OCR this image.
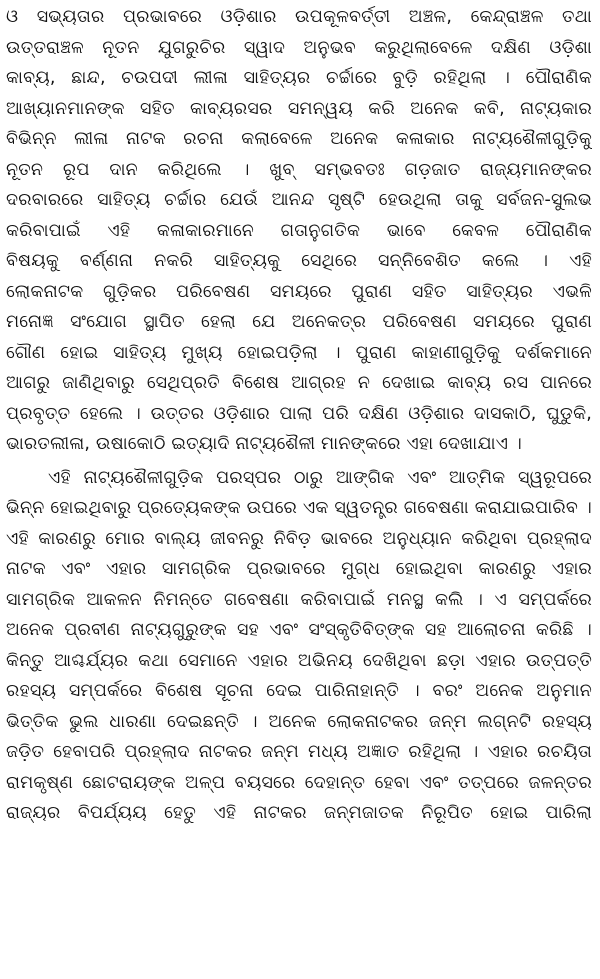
ଓ ସଭ୍ୟତାର ପ୍ରଭାବରେ ଓଡ଼ିଶାର ଉପକୂଳବର୍ତ୍ତୀ ଅଞ୍ଚଳ, କେନ୍ଦ୍ରାଞ୍ଚଳ ତଥା
ଉତ୍ତରାଞ୍ଚଳ ନୂତନ ଯୁଗରୁଚିର ସ୍ୱାଦ ଅନୁଭବ କରୁଥିଲାବେଳେ ଦକ୍ଷିଣ ଓଡ଼ିଶା
କାବ୍ୟ, ଛାନ୍ଦ, ଚଉପଦୀ ଲୀଳା ସାହିତ୍ୟର ଚର୍ଚ୍ଚାରେ ବୁଡ଼ି ରହିଥିଲା । ପୌରାଣିକ
ଆଖ୍ୟାନମାନଙ୍କ ସହିତ କାବ୍ୟରସର ସମନ୍ୱୟ କରି ଅନେକ କବି, ନାଟ୍ୟକାର
ବିଭିନ୍ନ ଲୀଳା ନାଟକ ରଚନା କଲାବେଳେ ଅନେକ କଳାକାର ନାଟ୍ୟଶୈଳୀଗୁଡ଼ିକୁ
ନୂତନ ରୂପ ଦାନ କରିଥିଲେ । ଖୁବ୍ ସମ୍ଭବତଃ ଗଡ଼ଜାତ ରାଜ୍ୟମାନଙ୍କର
ଦରବାରରେ ସାହିତ୍ୟ ଚର୍ଚ୍ଚାର ଯେଉଁ ଆନନ୍ଦ ସୃଷ୍ଟି ହେଉଥିଲା ତାକୁ ସର୍ବଜନ-ସୁଲଭ
କରିବାପାଇଁ ଏହି କଳାକାରମାନେ ଗତାନୁଗତିକ ଭାବେ କେବଳ ପୌରାଣିକ
ବିଷୟକୁ ବର୍ଣ୍ଣନା ନକରି ସାହିତ୍ୟକୁ ସେଥିରେ ସନ୍ନିବେଶିତ କଲେ । ଏହି
ଲୋକନାଟକ ଗୁଡ଼ିକର ପରିବେଷଣ ସମୟରେ ପୁରାଣ ସହିତ ସାହିତ୍ୟର ଏଭଳି
ମନୋଜ୍ଞ ସଂଯୋଗ ସ୍ଥାପିତ ହେଲା ଯେ ଅନେକତ୍ର ପରିବେଷଣ ସମୟରେ ପୁରାଣ
ଗୌଣ ହୋଇ ସାହିତ୍ୟ ମୁଖ୍ୟ ହୋଇପଡ଼ିଲା । ପୁରାଣ କାହାଣୀଗୁଡ଼ିକୁ ଦର୍ଶକମାନେ
ଆଗରୁ ଜାଣିଥିବାରୁ ସେଥିପ୍ରତି ବିଶେଷ ଆଗ୍ରହ ନ ଦେଖାଇ କାବ୍ୟ ରସ ପାନରେ
ପ୍ରବୃତ୍ତ ହେଲେ । ଉତ୍ତର ଓଡ଼ିଶାର ପାଲା ପରି ଦକ୍ଷିଣ ଓଡ଼ିଶାର ଦାସକାଠି, ଘୁଡୁକି,
ଭାରତଲୀଳା, ଉଷାକୋଠି ଇତ୍ୟାଦି ନାଟ୍ୟଶୈଳୀ ମାନଙ୍କରେ ଏହା ଦେଖାଯାଏ ।
ଏହି ନାଟ୍ୟଶୈଳୀଗୁଡ଼ିକ ପରସ୍ପର ଠାରୁ ଆଙ୍ଗିକ ଏବଂ ଆତ୍ମିକ ସ୍ୱରୂପରେ
ଭିନ୍ନ ହୋଇଥିବାରୁ ପ୍ରତ୍ୟେକଙ୍କ ଉପରେ ଏକ ସ୍ୱତନ୍ତ୍ର ଗବେଷଣା କରାଯାଇପାରିବ ।
ଏହି କାରଣରୁ ମୋର ବାଲ୍ୟ ଜୀବନରୁ ନିବିଡ଼ ଭାବରେ ଅନୁଧ୍ୟାନ କରିଥିବା ପ୍ରହ୍ଲାଦ
ନାଟକ ଏବଂ ଏହାର ସାମଗ୍ରିକ ପ୍ରଭାବରେ ମୁଗ୍ଧ ହୋଇଥିବା କାରଣରୁ ଏହାର
ସାମଗ୍ରିକ ଆକଳନ ନିମନ୍ତେ ଗବେଷଣା କରିବାପାଇଁ ମନସ୍ଥ କଲି । ଏ ସମ୍ପର୍କରେ
ଅନେକ ପ୍ରବୀଣ ନାଟ୍ୟଗୁରୁଙ୍କ ସହ ଏବଂ ସଂସ୍କୃତିବିତ୍‌ଙ୍କ ସହ ଆଲୋଚନା କରିଛି ।
କିନ୍ତୁ ଆଶ୍ଚର୍ଯ୍ୟର କଥା ସେମାନେ ଏହାର ଅଭିନୟ ଦେଖିଥିବା ଛଡ଼ା ଏହାର ଉତ୍ପତ୍ତି
ରହସ୍ୟ ସମ୍ପର୍କରେ ବିଶେଷ ସୂଚନା ଦେଇ ପାରିନାହାନ୍ତି । ବରଂ ଅନେକ ଅନୁମାନ
ଭିତ୍ତିକ ଭୁଲ ଧାରଣା ଦେଇଛନ୍ତି । ଅନେକ ଲୋକନାଟକର ଜନ୍ମ ଲଗ୍ନଟି ରହସ୍ୟ
ଜଡ଼ିତ ହେବାପରି ପ୍ରହ୍ଲାଦ ନାଟକର ଜନ୍ମ ମଧ୍ୟ ଅଜ୍ଞାତ ରହିଥିଲା । ଏହାର ରଚୟିତା
ରାମକୃଷ୍ଣ ଛୋଟରାୟଙ୍କ ଅଳ୍ପ ବୟସରେ ଦେହାନ୍ତ ହେବା ଏବଂ ତତ୍ପରେ ଜଳନ୍ତର
ରାଜ୍ୟର ବିପର୍ଯ୍ୟୟ ହେତୁ ଏହି ନାଟକର ଜନ୍ମଜାତକ ନିରୂପିତ ହୋଇ ପାରିଲା
